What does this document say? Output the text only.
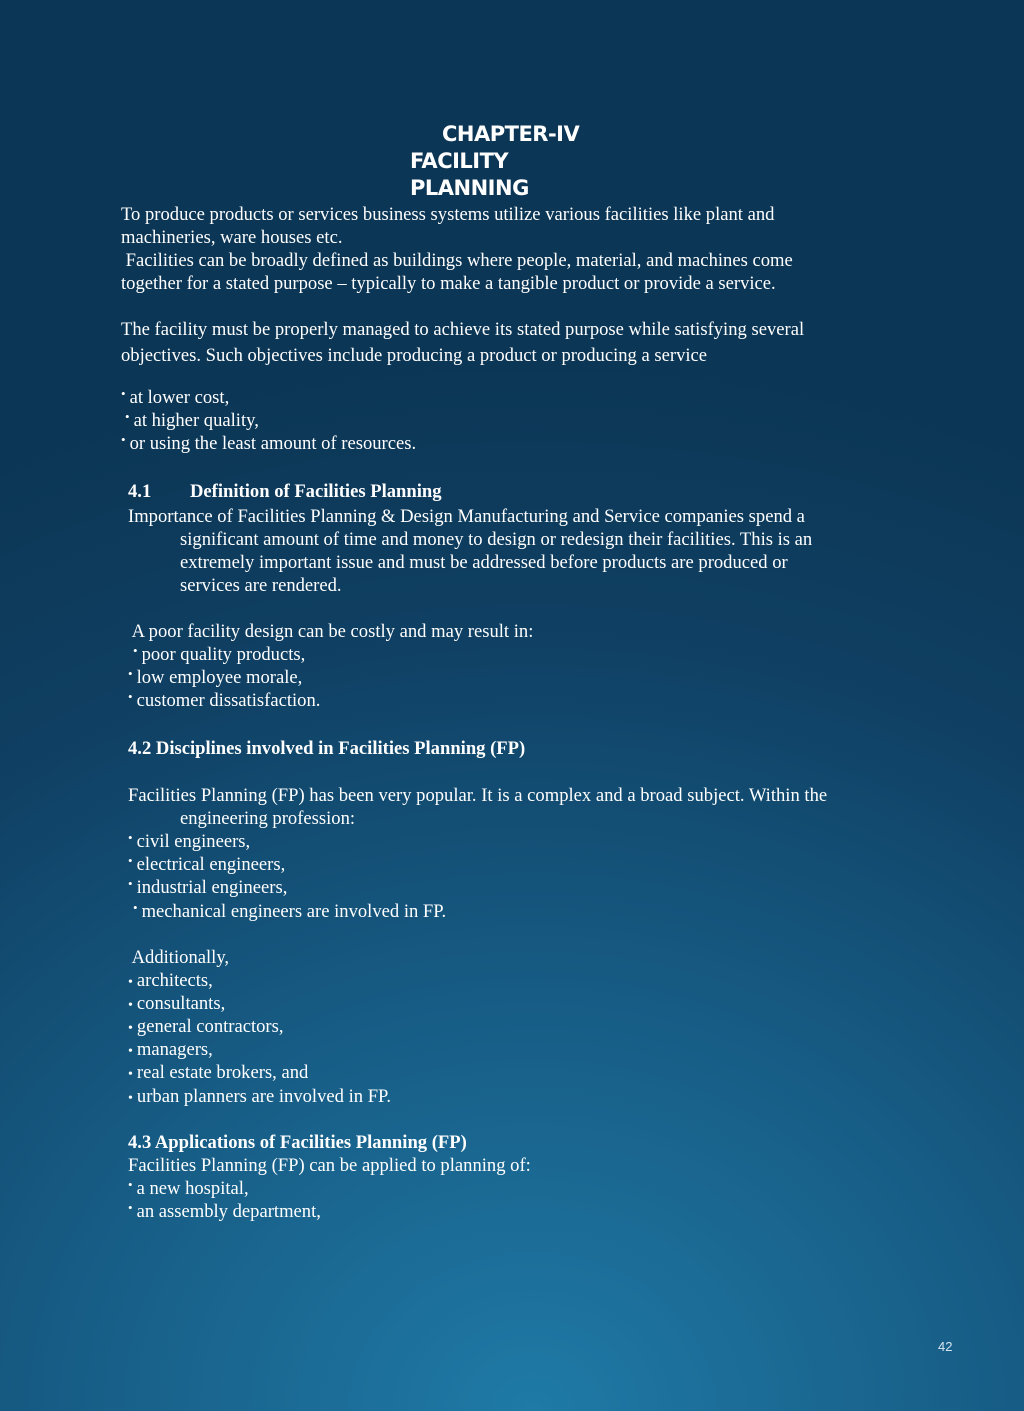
CHAPTER-IV
FACILITY
PLANNING
To produce products or services business systems utilize various facilities like plant and
machineries, ware houses etc.
Facilities can be broadly defined as buildings where people, material, and machines come
together for a stated purpose – typically to make a tangible product or provide a service.
The facility must be properly managed to achieve its stated purpose while satisfying several
objectives. Such objectives include producing a product or producing a service
• at lower cost,
• at higher quality,
• or using the least amount of resources.
4.1 Definition of Facilities Planning
Importance of Facilities Planning & Design Manufacturing and Service companies spend a
significant amount of time and money to design or redesign their facilities. This is an
extremely important issue and must be addressed before products are produced or
services are rendered.
A poor facility design can be costly and may result in:
• poor quality products,
• low employee morale,
• customer dissatisfaction.
4.2 Disciplines involved in Facilities Planning (FP)
Facilities Planning (FP) has been very popular. It is a complex and a broad subject. Within the
engineering profession:
• civil engineers,
• electrical engineers,
• industrial engineers,
• mechanical engineers are involved in FP.
Additionally,
• architects,
• consultants,
• general contractors,
• managers,
• real estate brokers, and
• urban planners are involved in FP.
4.3 Applications of Facilities Planning (FP)
Facilities Planning (FP) can be applied to planning of:
• a new hospital,
• an assembly department,
42
